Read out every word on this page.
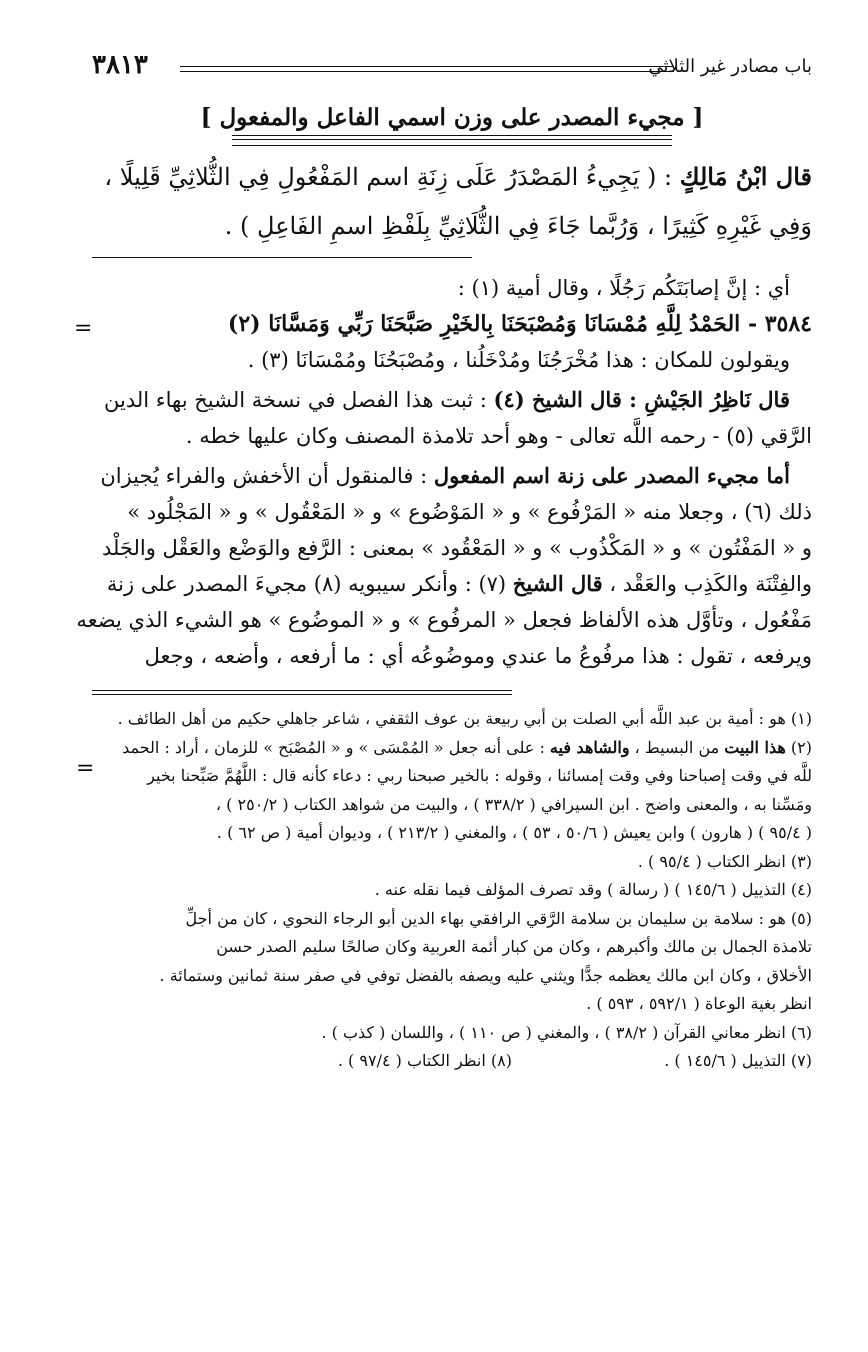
باب مصادر غير الثلاثي
٣٨١٣
[ مجيء المصدر على وزن اسمي الفاعل والمفعول ]

قال ابْنُ مَالِكٍ : ( يَجِيءُ المَصْدَرُ عَلَى زِنَةِ اسم المَفْعُولِ فِي الثُّلاثِيِّ قَلِيلًا ،

وَفِي غَيْرِهِ كَثِيرًا ، وَرُبَّما جَاءَ فِي الثُّلَاثِيِّ بِلَفْظِ اسمِ الفَاعِلِ ) .

أي : إنَّ إصابَتَكُم رَجُلًا ، وقال أمية (١) :

٣٥٨٤ - الحَمْدُ لِلَّهِ مُمْسَانَا وَمُصْبَحَنَا بِالخَيْرِ صَبَّحَنَا رَبِّي وَمَسَّانَا (٢)

ويقولون للمكان : هذا مُخْرَجُنَا ومُدْخَلُنا ، ومُصْبَحُنَا ومُمْسَانَا (٣) .

قال نَاظِرُ الجَيْشِ : قال الشيخ (٤) : ثبت هذا الفصل في نسخة الشيخ بهاء الدين

الرَّقي (٥) - رحمه اللَّه تعالى - وهو أحد تلامذة المصنف وكان عليها خطه .

أما مجيء المصدر على زنة اسم المفعول : فالمنقول أن الأخفش والفراء يُجيزان

ذلك (٦) ، وجعلا منه « المَرْفُوع » و « المَوْضُوع » و « المَعْقُول » و « المَجْلُود »

و « المَفْتُون » و « المَكْذُوب » و « المَعْقُود » بمعنى : الرَّفع والوَضْع والعَقْل والجَلْد

والفِتْنَة والكَذِب والعَقْد ، قال الشيخ (٧) : وأنكر سيبويه (٨) مجيءَ المصدر على زنة

مَفْعُول ، وتأوَّل هذه الألفاظ فجعل « المرفُوع » و « الموضُوع » هو الشيء الذي يضعه

ويرفعه ، تقول : هذا مرفُوعُ ما عندي وموضُوعُه أي : ما أرفعه ، وأضعه ، وجعل

(١) هو : أمية بن عبد اللَّه أبي الصلت بن أبي ربيعة بن عوف الثقفي ، شاعر جاهلي حكيم من أهل الطائف .

(٢) هذا البيت من البسيط ، والشاهد فيه : على أنه جعل « المُمْسَى » و « المُصْبَح » للزمان ، أراد : الحمد

للَّه في وقت إصباحنا وفي وقت إمسائنا ، وقوله : بالخير صبحنا ربي : دعاء كأنه قال : اللَّهُمَّ صَبِّحنا بخير

ومَسِّنا به ، والمعنى واضح . ابن السيرافي ( ٣٣٨/٢ ) ، والبيت من شواهد الكتاب ( ٢٥٠/٢ ) ،

( ٩٥/٤ ) ( هارون ) وابن يعيش ( ٥٠/٦ ، ٥٣ ) ، والمغني ( ٢١٣/٢ ) ، وديوان أمية ( ص ٦٢ ) .

(٣) انظر الكتاب ( ٩٥/٤ ) .

(٤) التذييل ( ١٤٥/٦ ) ( رسالة ) وقد تصرف المؤلف فيما نقله عنه .

(٥) هو : سلامة بن سليمان بن سلامة الرَّقي الرافقي بهاء الدين أبو الرجاء النحوي ، كان من أجلِّ

تلامذة الجمال بن مالك وأكبرهم ، وكان من كبار أئمة العربية وكان صالحًا سليم الصدر حسن

الأخلاق ، وكان ابن مالك يعظمه جدًّا ويثني عليه ويصفه بالفضل توفي في صفر سنة ثمانين وستمائة .

انظر بغية الوعاة ( ٥٩٢/١ ، ٥٩٣ ) .

(٦) انظر معاني القرآن ( ٣٨/٢ ) ، والمغني ( ص ١١٠ ) ، واللسان ( كذب ) .

(٧) التذييل ( ١٤٥/٦ ) .
(٨) انظر الكتاب ( ٩٧/٤ ) .
=
=
